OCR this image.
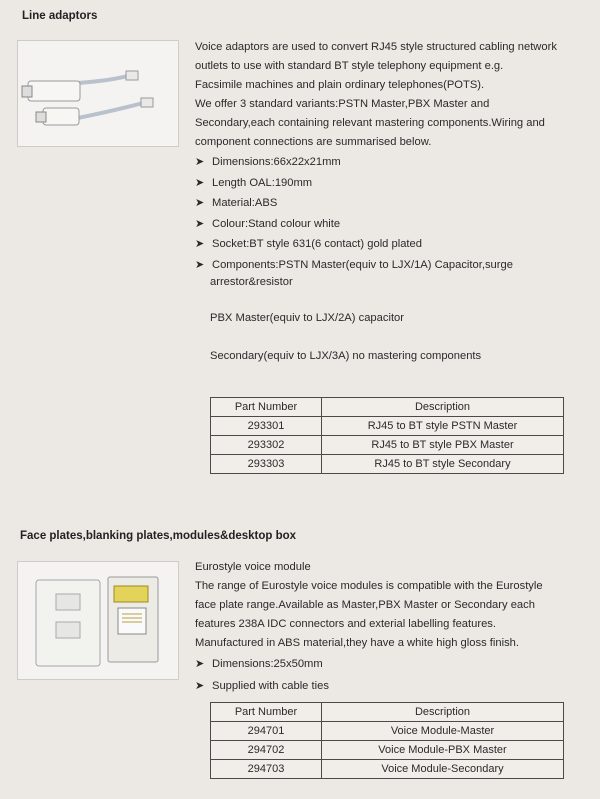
Line adaptors

Voice adaptors are used to convert RJ45 style structured cabling network

outlets to use with standard BT style telephony equipment e.g.

Facsimile machines and plain ordinary telephones(POTS).

We offer 3 standard variants:PSTN Master,PBX Master and

Secondary,each containing relevant mastering components.Wiring and

component connections are summarised below.

➤ Dimensions:66x22x21mm
➤ Length OAL:190mm
➤ Material:ABS
➤ Colour:Stand colour white
➤ Socket:BT style 631(6 contact) gold plated
➤ Components:PSTN Master(equiv to LJX/1A) Capacitor,surge
arrestor&resistor
PBX Master(equiv to LJX/2A) capacitor
Secondary(equiv to LJX/3A) no mastering components
Part Number	Description
293301	RJ45 to BT style PSTN Master
293302	RJ45 to BT style PBX Master
293303	RJ45 to BT style Secondary
Face plates,blanking plates,modules&desktop box
Eurostyle voice module

The range of Eurostyle voice modules is compatible with the Eurostyle

face plate range.Available as Master,PBX Master or Secondary each

features 238A IDC connectors and exterial labelling features.

Manufactured in ABS material,they have a white high gloss finish.

➤ Dimensions:25x50mm
➤ Supplied with cable ties
Part Number	Description
294701	Voice Module-Master
294702	Voice Module-PBX Master
294703	Voice Module-Secondary
